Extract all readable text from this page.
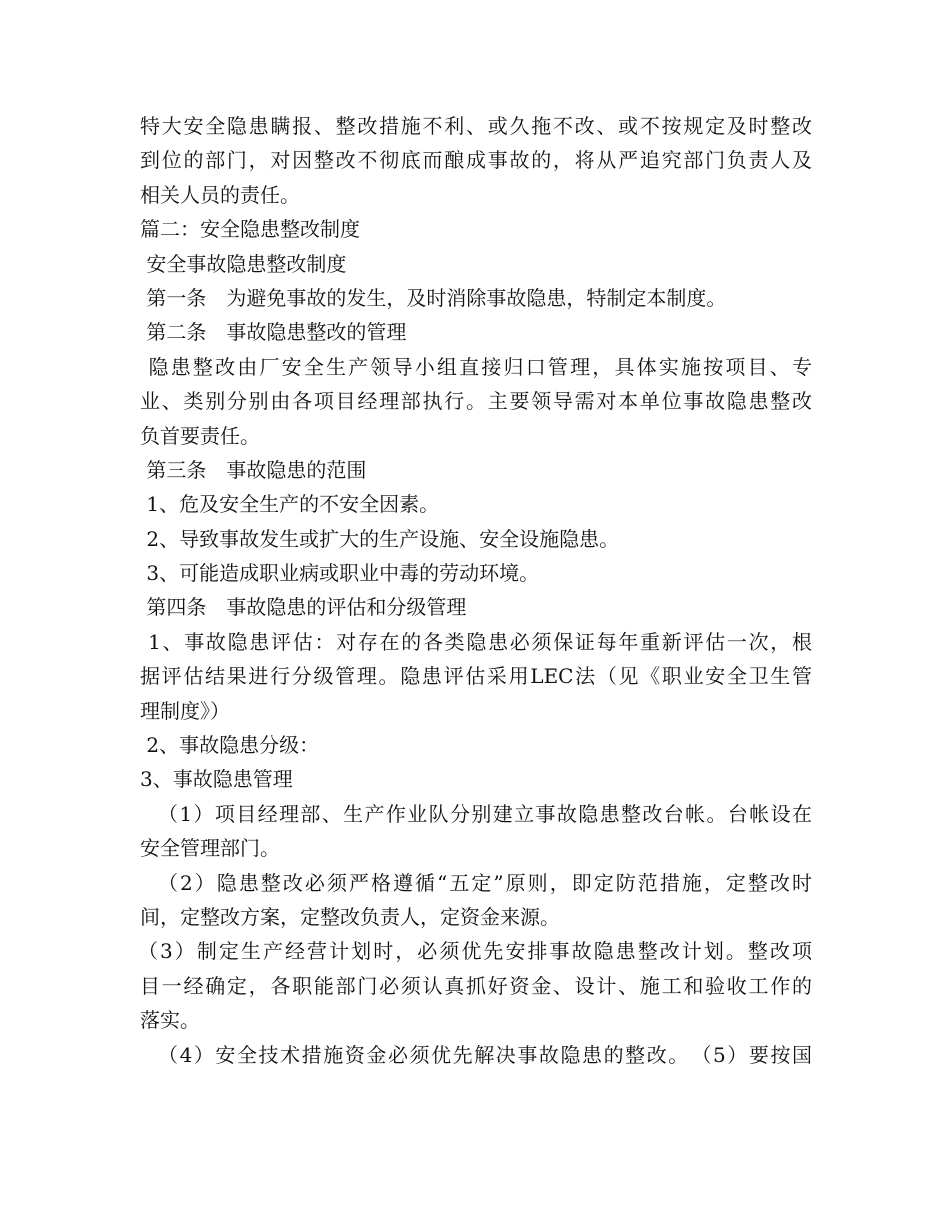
特大安全隐患瞒报、整改措施不利、或久拖不改、或不按规定及时整改
到位的部门，对因整改不彻底而酿成事故的，将从严追究部门负责人及
相关人员的责任。
篇二：安全隐患整改制度
安全事故隐患整改制度
第一条　为避免事故的发生，及时消除事故隐患，特制定本制度。
第二条　事故隐患整改的管理
隐患整改由厂安全生产领导小组直接归口管理，具体实施按项目、专
业、类别分别由各项目经理部执行。主要领导需对本单位事故隐患整改
负首要责任。
第三条　事故隐患的范围
1、危及安全生产的不安全因素。
2、导致事故发生或扩大的生产设施、安全设施隐患。
3、可能造成职业病或职业中毒的劳动环境。
第四条　事故隐患的评估和分级管理
1、事故隐患评估：对存在的各类隐患必须保证每年重新评估一次，根
据评估结果进行分级管理。隐患评估采用LEC法（见《职业安全卫生管
理制度》）
2、事故隐患分级：
3、事故隐患管理
（1）项目经理部、生产作业队分别建立事故隐患整改台帐。台帐设在
安全管理部门。
（2）隐患整改必须严格遵循“五定”原则，即定防范措施，定整改时
间，定整改方案，定整改负责人，定资金来源。
（3）制定生产经营计划时，必须优先安排事故隐患整改计划。整改项
目一经确定，各职能部门必须认真抓好资金、设计、施工和验收工作的
落实。
（4）安全技术措施资金必须优先解决事故隐患的整改。　（5）要按国
